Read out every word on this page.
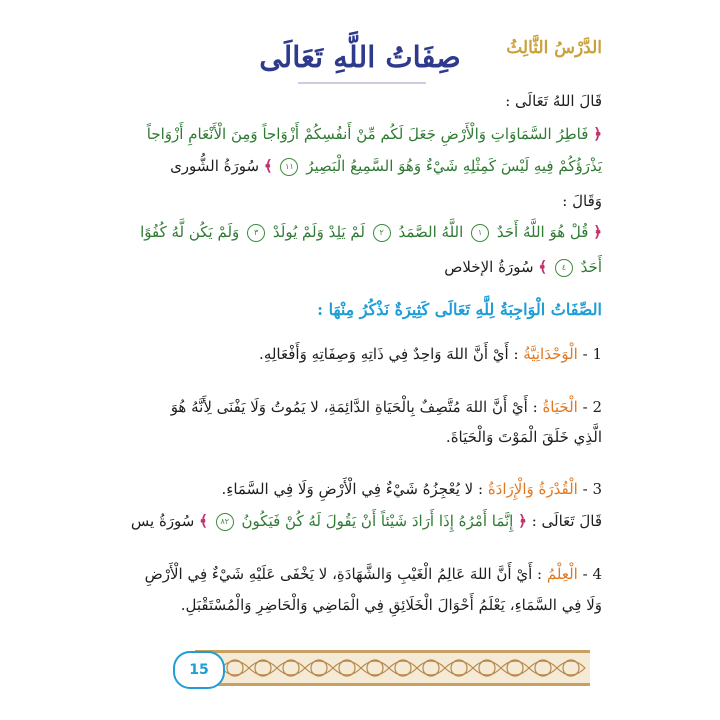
الدَّرْسُ الثَّالِثُ
صِفَاتُ اللَّهِ تَعَالَى
قَالَ اللهُ تَعَالَى :
﴿ فَاطِرُ السَّمَاوَاتِ وَالْأَرْضِ جَعَلَ لَكُم مِّنْ أَنفُسِكُمْ أَزْوَاجاً وَمِنَ الْأَنْعَامِ أَزْوَاجاً
يَذْرَؤُكُمْ فِيهِ لَيْسَ كَمِثْلِهِ شَيْءٌ وَهُوَ السَّمِيعُ الْبَصِيرُ ١١ ﴾ سُورَةُ الشُّورى
وَقَالَ :
﴿ قُلْ هُوَ اللَّهُ أَحَدٌ ١ اللَّهُ الصَّمَدُ ٢ لَمْ يَلِدْ وَلَمْ يُولَدْ ٣ وَلَمْ يَكُن لَّهُ كُفُوًا
أَحَدٌ ٤ ﴾ سُورَةُ الإخلاص
الصِّفَاتُ الْوَاجِبَةُ لِلَّهِ تَعَالَى كَثِيرَةٌ نَذْكُرُ مِنْهَا :
1 - الْوَحْدَانِيَّةُ : أَيْ أَنَّ اللهَ وَاحِدٌ فِي ذَاتِهِ وَصِفَاتِهِ وَأَفْعَالِهِ.
2 - الْحَيَاةُ : أَيْ أَنَّ اللهَ مُتَّصِفٌ بِالْحَيَاةِ الدَّائِمَةِ، لا يَمُوتُ وَلَا يَفْنَى لِأَنَّهُ هُوَ
الَّذِي خَلَقَ الْمَوْتَ وَالْحَيَاةَ.
3 - الْقُدْرَةُ وَالْإِرَادَةُ : لا يُعْجِزُهُ شَيْءٌ فِي الْأَرْضِ وَلَا فِي السَّمَاءِ.
قَالَ تَعَالَى : ﴿ إِنَّمَا أَمْرُهُ إِذَا أَرَادَ شَيْئاً أَنْ يَقُولَ لَهُ كُنْ فَيَكُونُ ٨٢ ﴾ سُورَةُ يس
4 - الْعِلْمُ : أَيْ أَنَّ اللهَ عَالِمُ الْغَيْبِ وَالشَّهَادَةِ، لا يَخْفَى عَلَيْهِ شَيْءٌ فِي الْأَرْضِ
وَلَا فِي السَّمَاءِ، يَعْلَمُ أَحْوَالَ الْخَلَائِقِ فِي الْمَاضِي وَالْحَاضِرِ وَالْمُسْتَقْبَلِ.
15
